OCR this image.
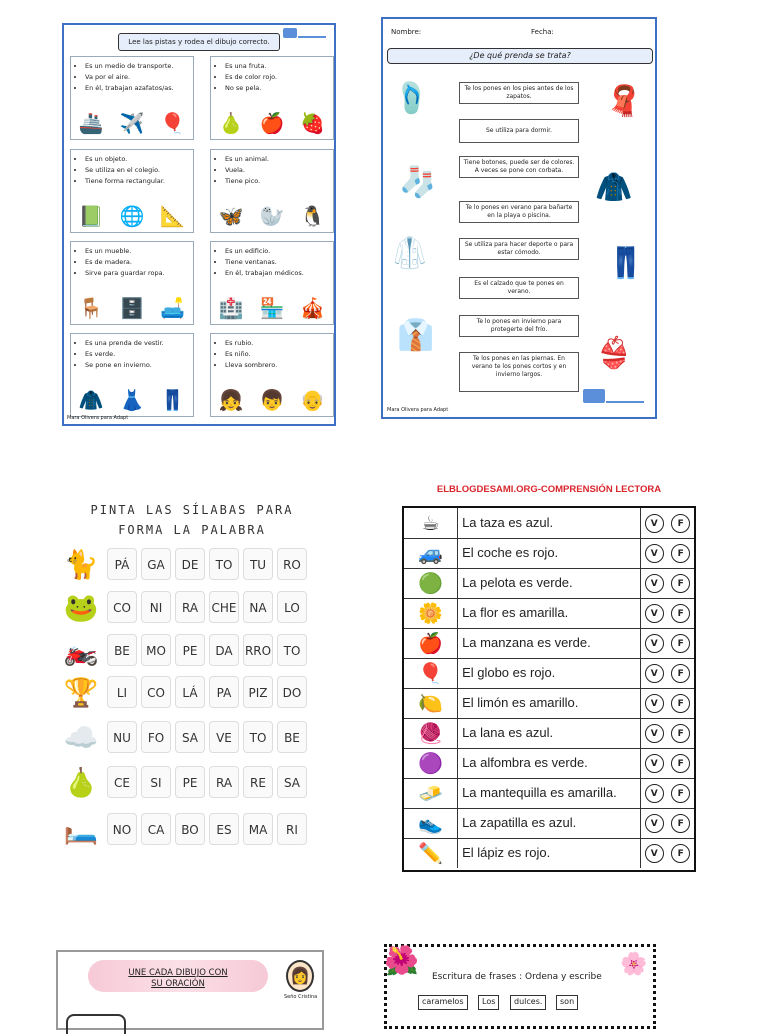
Lee las pistas y rodea el dibujo correcto.

• Es un medio de transporte.
• Va por el aire.
• En él, trabajan azafatos/as.
🚢 ✈️ 🎈
• Es una fruta.
• Es de color rojo.
• No se pela.
🍐 🍎 🍓
• Es un objeto.
• Se utiliza en el colegio.
• Tiene forma rectangular.
📗 🌐 📐
• Es un animal.
• Vuela.
• Tiene pico.
🦋 🦭 🐧
• Es un mueble.
• Es de madera.
• Sirve para guardar ropa.
🪑 🗄️ 🛋️
• Es un edificio.
• Tiene ventanas.
• En él, trabajan médicos.
🏥 🏪 🎪
• Es una prenda de vestir.
• Es verde.
• Se pone en invierno.
🧥 👗 👖
• Es rubio.
• Es niño.
• Lleva sombrero.
👧 👦 👴
Mara Olivera para Adapt
Nombre:	Fecha:
¿De qué prenda se trata?
Te los pones en los pies antes de los zapatos.
Se utiliza para dormir.
Tiene botones, puede ser de colores. A veces se pone con corbata.
Te lo pones en verano para bañarte en la playa o piscina.
Se utiliza para hacer deporte o para estar cómodo.
Es el calzado que te pones en verano.
Te lo pones en invierno para protegerte del frío.
Te los pones en las piernas. En verano te los pones cortos y en invierno largos.
🩴
🧦
🥼
👔
🧣
🧥
👖
👙

Mara Olivera para Adapt
PINTA LAS SÍLABAS PARA
FORMA LA PALABRA
🐈	PÁ	GA	DE	TO	TU	RO
🐸	CO	NI	RA	CHE	NA	LO
🏍️	BE	MO	PE	DA	RRO	TO
🏆	LI	CO	LÁ	PA	PIZ	DO
☁️	NU	FO	SA	VE	TO	BE
🍐	CE	SI	PE	RA	RE	SA
🛏️	NO	CA	BO	ES	MA	RI
ELBLOGDESAMI.ORG-COMPRENSIÓN LECTORA
☕	La taza es azul.	V	F
🚙	El coche es rojo.	V	F
🟢	La pelota es verde.	V	F
🌼	La flor es amarilla.	V	F
🍎	La manzana es verde.	V	F
🎈	El globo es rojo.	V	F
🍋	El limón es amarillo.	V	F
🧶	La lana es azul.	V	F
🟣	La alfombra es verde.	V	F
🧈	La mantequilla es amarilla.	V	F
👟	La zapatilla es azul.	V	F
✏️	El lápiz es rojo.	V	F
UNE CADA DIBUJO CON
SU ORACIÓN	👩
Seño Cristina
🌺	🌸
Escritura de frases : Ordena y escribe
caramelos	Los	dulces.	son
